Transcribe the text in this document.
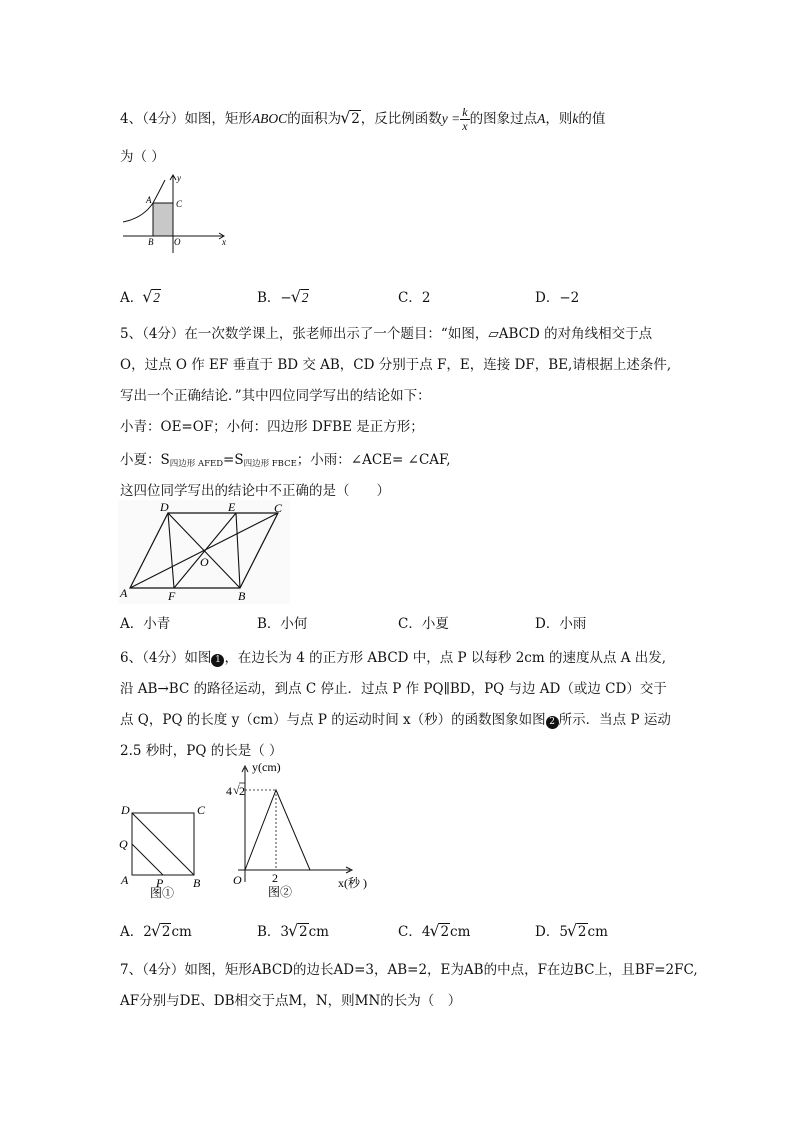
4、（4分）如图，矩形ABOC的面积为 √ 2，反比例函数$y = \frac{k}{x}$ 的图象过点A，则k的值
为（ ）
y
A	C
B O	x
A． √ 2	B．− √ 2	C．2	D．−2
5、（4分）在一次数学课上，张老师出示了一个题目：“如图，▱ABCD 的对角线相交于点
O，过点 O 作 EF 垂直于 BD 交 AB，CD 分别于点 F，E，连接 DF，BE,请根据上述条件,
写出一个正确结论．”其中四位同学写出的结论如下：
小青：OE=OF；小何：四边形 DFBE 是正方形；
小夏：S四边形 AFED=S四边形 FBCE；小雨：∠ACE= ∠CAF,
这四位同学写出的结论中不正确的是（　　）
D	E	C
O
A	F	B
A．小青	B．小何	C．小夏	D．小雨
6、（4分）如图 1 ，在边长为 4 的正方形 ABCD 中，点 P 以每秒 2cm 的速度从点 A 出发,
沿 AB→BC 的路径运动，到点 C 停止．过点 P 作 PQ∥BD，PQ 与边 AD（或边 CD）交于
点 Q，PQ 的长度 y（cm）与点 P 的运动时间 x（秒）的函数图象如图 2 所示．当点 P 运动
2.5 秒时，PQ 的长是（ ）
D	C
Q
A P B
图①
y(cm)
4 √ 2
O	2	x(秒 )
图②
A．2 √ 2cm	B．3 √ 2cm	C．4 √ 2cm	D．5 √ 2cm
7、（4分）如图，矩形ABCD的边长AD=3，AB=2，E为AB的中点，F在边BC上，且BF=2FC,
AF分别与DE、DB相交于点M，N，则MN的长为（　）
